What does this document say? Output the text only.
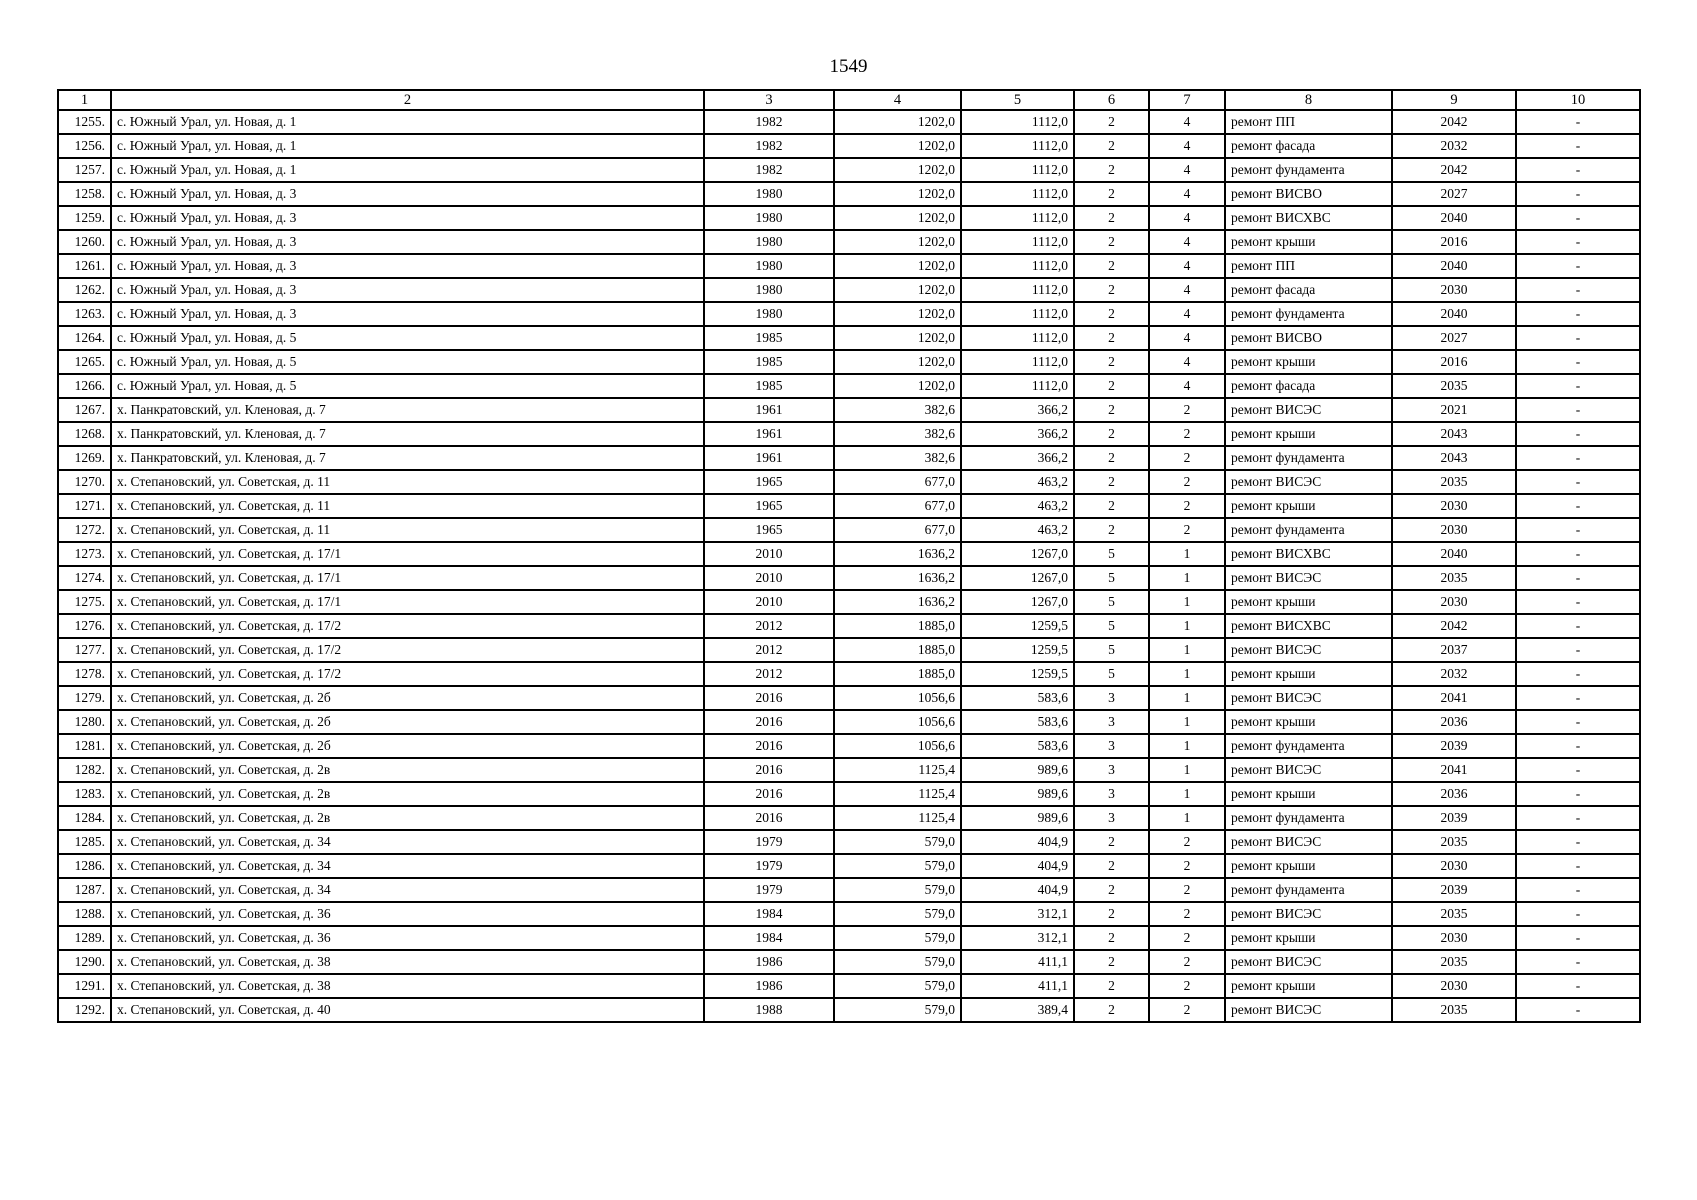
1549
1	2	3	4	5	6	7	8	9	10
1255.	с. Южный Урал, ул. Новая, д. 1	1982	1202,0	1112,0	2	4	ремонт ПП	2042	-
1256.	с. Южный Урал, ул. Новая, д. 1	1982	1202,0	1112,0	2	4	ремонт фасада	2032	-
1257.	с. Южный Урал, ул. Новая, д. 1	1982	1202,0	1112,0	2	4	ремонт фундамента	2042	-
1258.	с. Южный Урал, ул. Новая, д. 3	1980	1202,0	1112,0	2	4	ремонт ВИСВО	2027	-
1259.	с. Южный Урал, ул. Новая, д. 3	1980	1202,0	1112,0	2	4	ремонт ВИСХВС	2040	-
1260.	с. Южный Урал, ул. Новая, д. 3	1980	1202,0	1112,0	2	4	ремонт крыши	2016	-
1261.	с. Южный Урал, ул. Новая, д. 3	1980	1202,0	1112,0	2	4	ремонт ПП	2040	-
1262.	с. Южный Урал, ул. Новая, д. 3	1980	1202,0	1112,0	2	4	ремонт фасада	2030	-
1263.	с. Южный Урал, ул. Новая, д. 3	1980	1202,0	1112,0	2	4	ремонт фундамента	2040	-
1264.	с. Южный Урал, ул. Новая, д. 5	1985	1202,0	1112,0	2	4	ремонт ВИСВО	2027	-
1265.	с. Южный Урал, ул. Новая, д. 5	1985	1202,0	1112,0	2	4	ремонт крыши	2016	-
1266.	с. Южный Урал, ул. Новая, д. 5	1985	1202,0	1112,0	2	4	ремонт фасада	2035	-
1267.	х. Панкратовский, ул. Кленовая, д. 7	1961	382,6	366,2	2	2	ремонт ВИСЭС	2021	-
1268.	х. Панкратовский, ул. Кленовая, д. 7	1961	382,6	366,2	2	2	ремонт крыши	2043	-
1269.	х. Панкратовский, ул. Кленовая, д. 7	1961	382,6	366,2	2	2	ремонт фундамента	2043	-
1270.	х. Степановский, ул. Советская, д. 11	1965	677,0	463,2	2	2	ремонт ВИСЭС	2035	-
1271.	х. Степановский, ул. Советская, д. 11	1965	677,0	463,2	2	2	ремонт крыши	2030	-
1272.	х. Степановский, ул. Советская, д. 11	1965	677,0	463,2	2	2	ремонт фундамента	2030	-
1273.	х. Степановский, ул. Советская, д. 17/1	2010	1636,2	1267,0	5	1	ремонт ВИСХВС	2040	-
1274.	х. Степановский, ул. Советская, д. 17/1	2010	1636,2	1267,0	5	1	ремонт ВИСЭС	2035	-
1275.	х. Степановский, ул. Советская, д. 17/1	2010	1636,2	1267,0	5	1	ремонт крыши	2030	-
1276.	х. Степановский, ул. Советская, д. 17/2	2012	1885,0	1259,5	5	1	ремонт ВИСХВС	2042	-
1277.	х. Степановский, ул. Советская, д. 17/2	2012	1885,0	1259,5	5	1	ремонт ВИСЭС	2037	-
1278.	х. Степановский, ул. Советская, д. 17/2	2012	1885,0	1259,5	5	1	ремонт крыши	2032	-
1279.	х. Степановский, ул. Советская, д. 2б	2016	1056,6	583,6	3	1	ремонт ВИСЭС	2041	-
1280.	х. Степановский, ул. Советская, д. 2б	2016	1056,6	583,6	3	1	ремонт крыши	2036	-
1281.	х. Степановский, ул. Советская, д. 2б	2016	1056,6	583,6	3	1	ремонт фундамента	2039	-
1282.	х. Степановский, ул. Советская, д. 2в	2016	1125,4	989,6	3	1	ремонт ВИСЭС	2041	-
1283.	х. Степановский, ул. Советская, д. 2в	2016	1125,4	989,6	3	1	ремонт крыши	2036	-
1284.	х. Степановский, ул. Советская, д. 2в	2016	1125,4	989,6	3	1	ремонт фундамента	2039	-
1285.	х. Степановский, ул. Советская, д. 34	1979	579,0	404,9	2	2	ремонт ВИСЭС	2035	-
1286.	х. Степановский, ул. Советская, д. 34	1979	579,0	404,9	2	2	ремонт крыши	2030	-
1287.	х. Степановский, ул. Советская, д. 34	1979	579,0	404,9	2	2	ремонт фундамента	2039	-
1288.	х. Степановский, ул. Советская, д. 36	1984	579,0	312,1	2	2	ремонт ВИСЭС	2035	-
1289.	х. Степановский, ул. Советская, д. 36	1984	579,0	312,1	2	2	ремонт крыши	2030	-
1290.	х. Степановский, ул. Советская, д. 38	1986	579,0	411,1	2	2	ремонт ВИСЭС	2035	-
1291.	х. Степановский, ул. Советская, д. 38	1986	579,0	411,1	2	2	ремонт крыши	2030	-
1292.	х. Степановский, ул. Советская, д. 40	1988	579,0	389,4	2	2	ремонт ВИСЭС	2035	-
